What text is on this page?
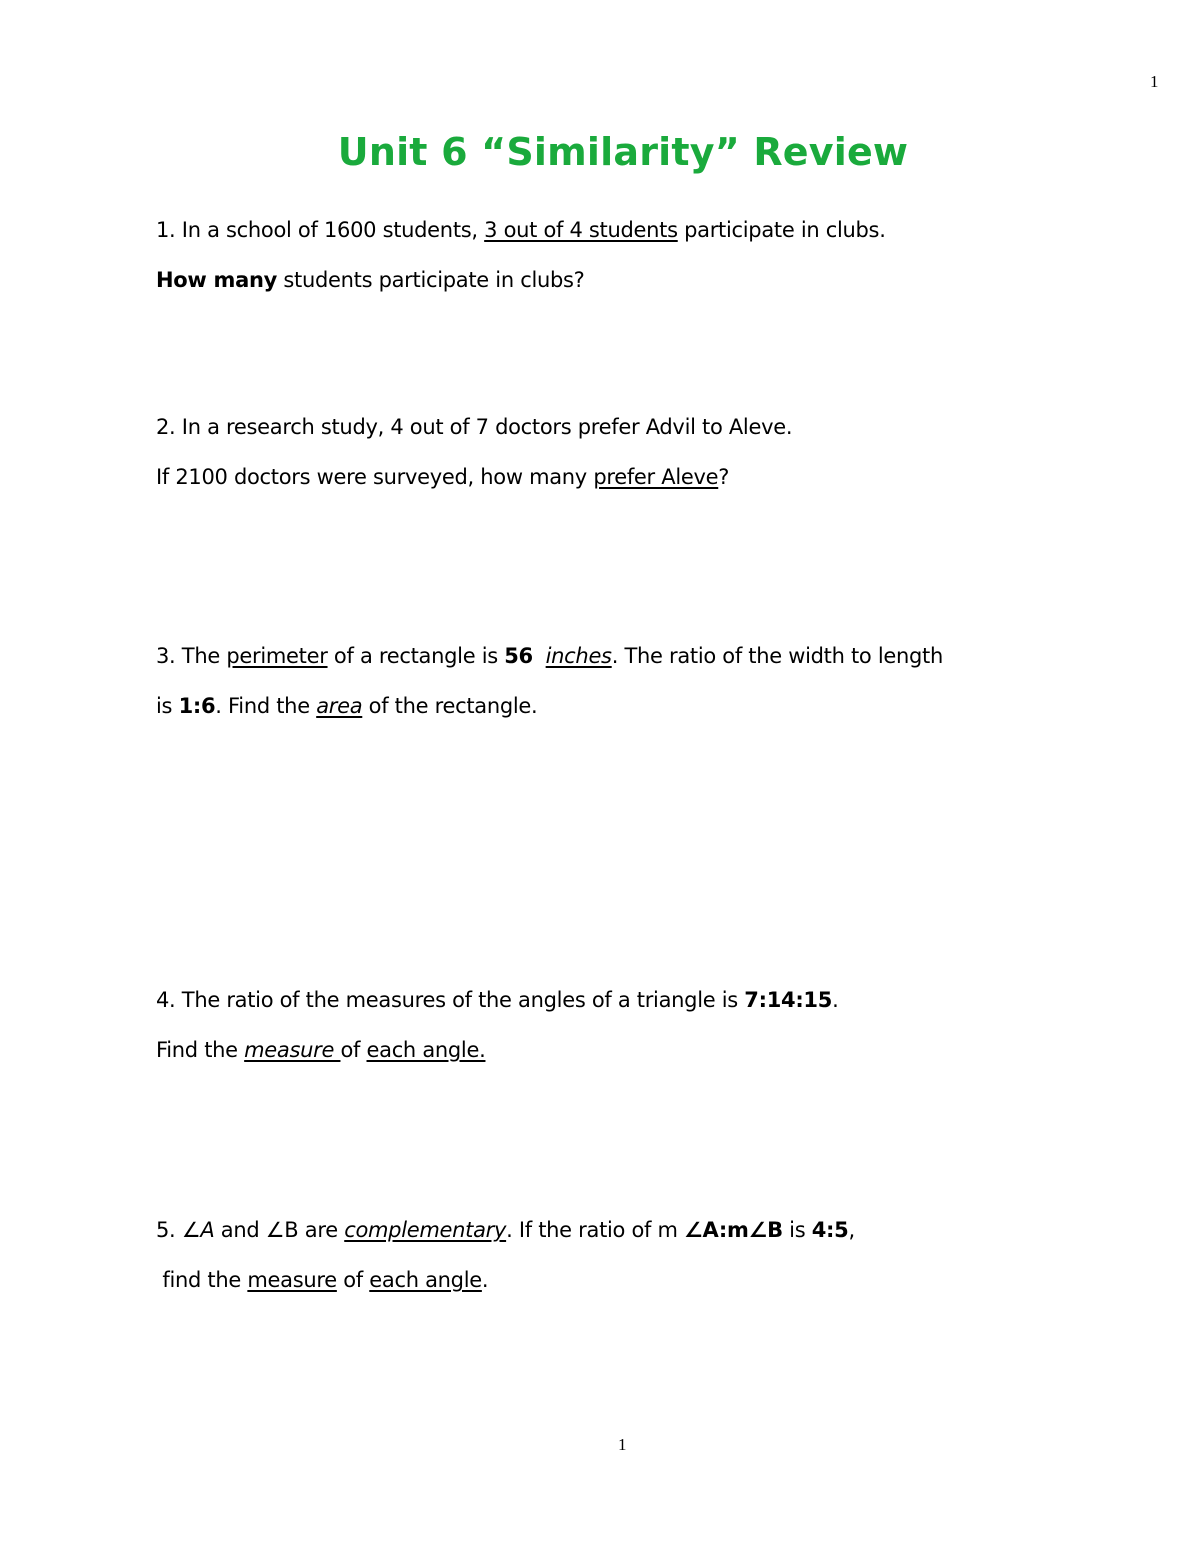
1
Unit 6 “Similarity” Review
1. In a school of 1600 students, 3 out of 4 students participate in clubs.
How many students participate in clubs?
2. In a research study, 4 out of 7 doctors prefer Advil to Aleve.
If 2100 doctors were surveyed, how many prefer Aleve?
3. The perimeter of a rectangle is 56 inches. The ratio of the width to length
is 1:6. Find the area of the rectangle.
4. The ratio of the measures of the angles of a triangle is 7:14:15.
Find the measure of each angle.
5. ∠A and ∠B are complementary. If the ratio of m ∠A:m∠B is 4:5,
find the measure of each angle.
1
